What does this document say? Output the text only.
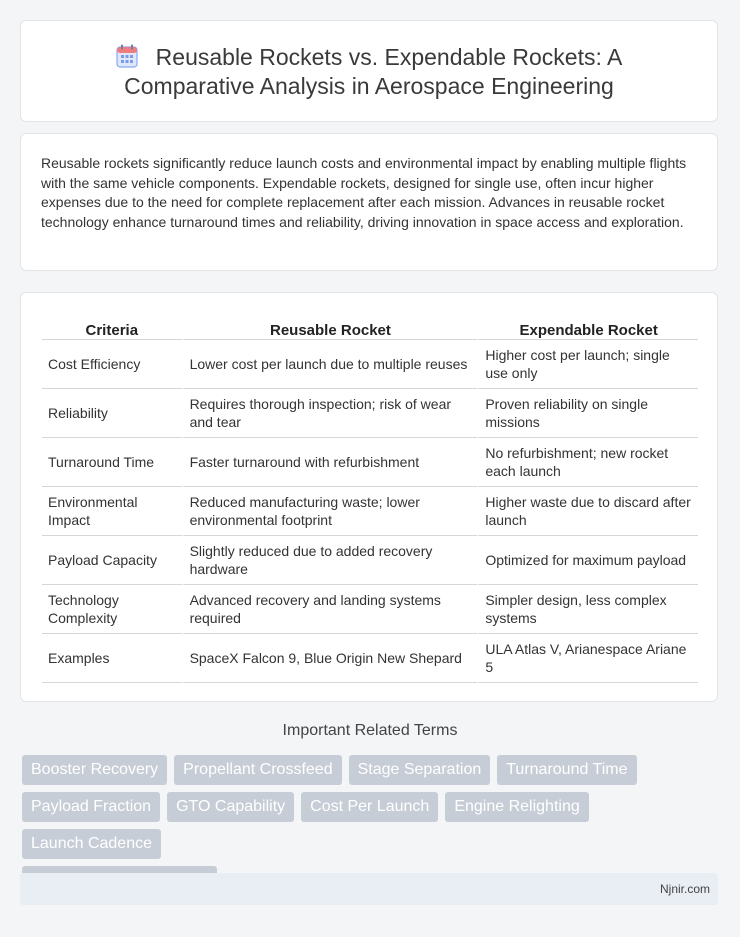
Reusable Rockets vs. Expendable Rockets: A
Comparative Analysis in Aerospace Engineering
Reusable rockets significantly reduce launch costs and environmental impact by enabling multiple flights with the same vehicle components. Expendable rockets, designed for single use, often incur higher expenses due to the need for complete replacement after each mission. Advances in reusable rocket technology enhance turnaround times and reliability, driving innovation in space access and exploration.
Criteria	Reusable Rocket	Expendable Rocket
Cost Efficiency	Lower cost per launch due to multiple reuses	Higher cost per launch; single use only
Reliability	Requires thorough inspection; risk of wear and tear	Proven reliability on single missions
Turnaround Time	Faster turnaround with refurbishment	No refurbishment; new rocket each launch
Environmental Impact	Reduced manufacturing waste; lower environmental footprint	Higher waste due to discard after launch
Payload Capacity	Slightly reduced due to added recovery hardware	Optimized for maximum payload
Technology Complexity	Advanced recovery and landing systems required	Simpler design, less complex systems
Examples	SpaceX Falcon 9, Blue Origin New Shepard	ULA Atlas V, Arianespace Ariane 5
Important Related Terms
Booster Recovery Propellant Crossfeed Stage Separation Turnaround Time
Payload Fraction GTO Capability Cost Per Launch Engine RelightingLaunch Cadence

Njnir.com
